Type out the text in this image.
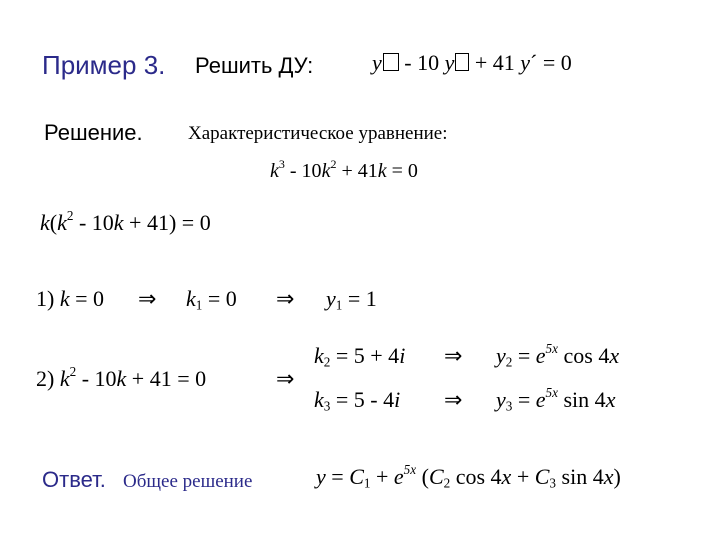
Пример 3. Решить ДУ:	y - 10 y + 41 y´ = 0
Решение. Характеристическое уравнение:
$k^3 - 10k^2 + 41k = 0$
$k(k^2 - 10k + 41) = 0$
1) k = 0 ⇒ $k_1 = 0$ ⇒ $y_1 = 1$
2) $k^2 - 10k + 41 = 0$	⇒
$k_2 = 5 + 4i$ ⇒ $y_2 = e^{5x}$ cos 4x
$k_3 = 5 - 4i$ ⇒ $y_3 = e^{5x}$ sin 4x
Ответ. Общее решение	$y = C_1 + e^{5x}$ ($C_2$ $\cos 4x + C_3$ sin 4x)
